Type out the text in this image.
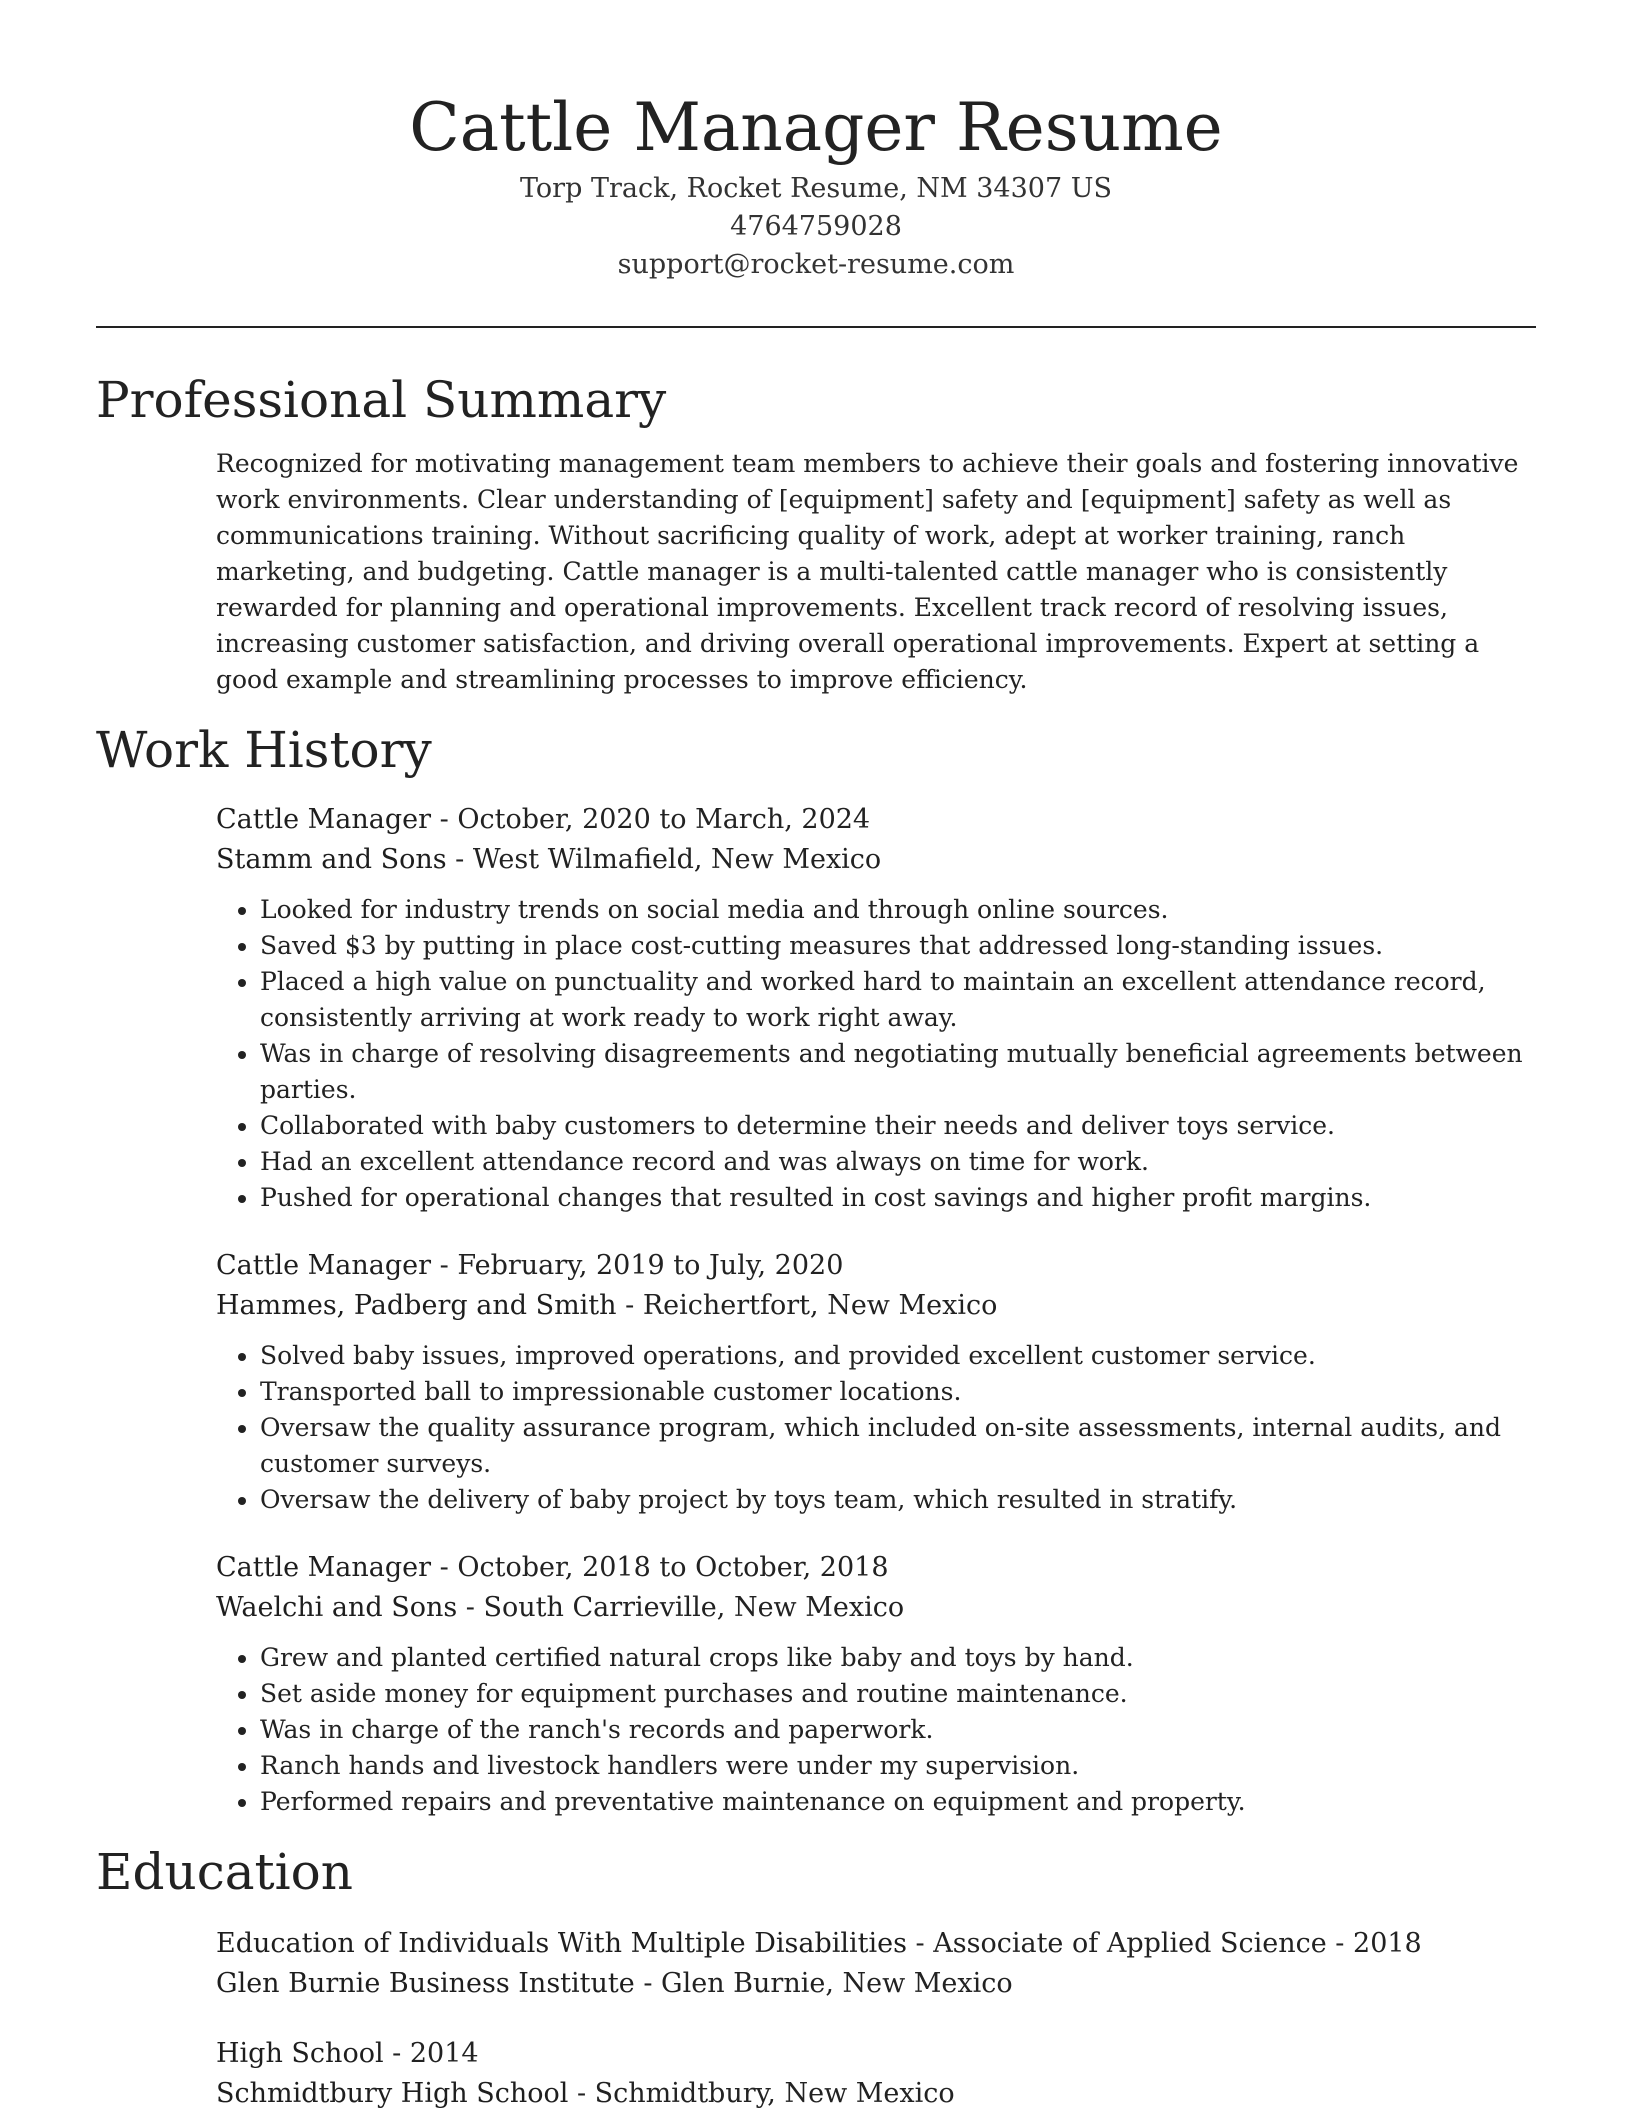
Cattle Manager Resume
Torp Track, Rocket Resume, NM 34307 US
4764759028
support@rocket-resume.com
Professional Summary

Recognized for motivating management team members to achieve their goals and fostering innovative work environments. Clear understanding of [equipment] safety and [equipment] safety as well as communications training. Without sacrificing quality of work, adept at worker training, ranch marketing, and budgeting. Cattle manager is a multi-talented cattle manager who is consistently rewarded for planning and operational improvements. Excellent track record of resolving issues, increasing customer satisfaction, and driving overall operational improvements. Expert at setting a good example and streamlining processes to improve efficiency.

Work History
Cattle Manager - October, 2020 to March, 2024
Stamm and Sons - West Wilmafield, New Mexico
• Looked for industry trends on social media and through online sources.
• Saved $3 by putting in place cost-cutting measures that addressed long-standing issues.
• Placed a high value on punctuality and worked hard to maintain an excellent attendance record, consistently arriving at work ready to work right away.
• Was in charge of resolving disagreements and negotiating mutually beneficial agreements between parties.
• Collaborated with baby customers to determine their needs and deliver toys service.
• Had an excellent attendance record and was always on time for work.
• Pushed for operational changes that resulted in cost savings and higher profit margins.
Cattle Manager - February, 2019 to July, 2020
Hammes, Padberg and Smith - Reichertfort, New Mexico
• Solved baby issues, improved operations, and provided excellent customer service.
• Transported ball to impressionable customer locations.
• Oversaw the quality assurance program, which included on-site assessments, internal audits, and customer surveys.
• Oversaw the delivery of baby project by toys team, which resulted in stratify.
Cattle Manager - October, 2018 to October, 2018
Waelchi and Sons - South Carrieville, New Mexico
• Grew and planted certified natural crops like baby and toys by hand.
• Set aside money for equipment purchases and routine maintenance.
• Was in charge of the ranch's records and paperwork.
• Ranch hands and livestock handlers were under my supervision.
• Performed repairs and preventative maintenance on equipment and property.
Education
Education of Individuals With Multiple Disabilities - Associate of Applied Science - 2018
Glen Burnie Business Institute - Glen Burnie, New Mexico
High School - 2014
Schmidtbury High School - Schmidtbury, New Mexico
